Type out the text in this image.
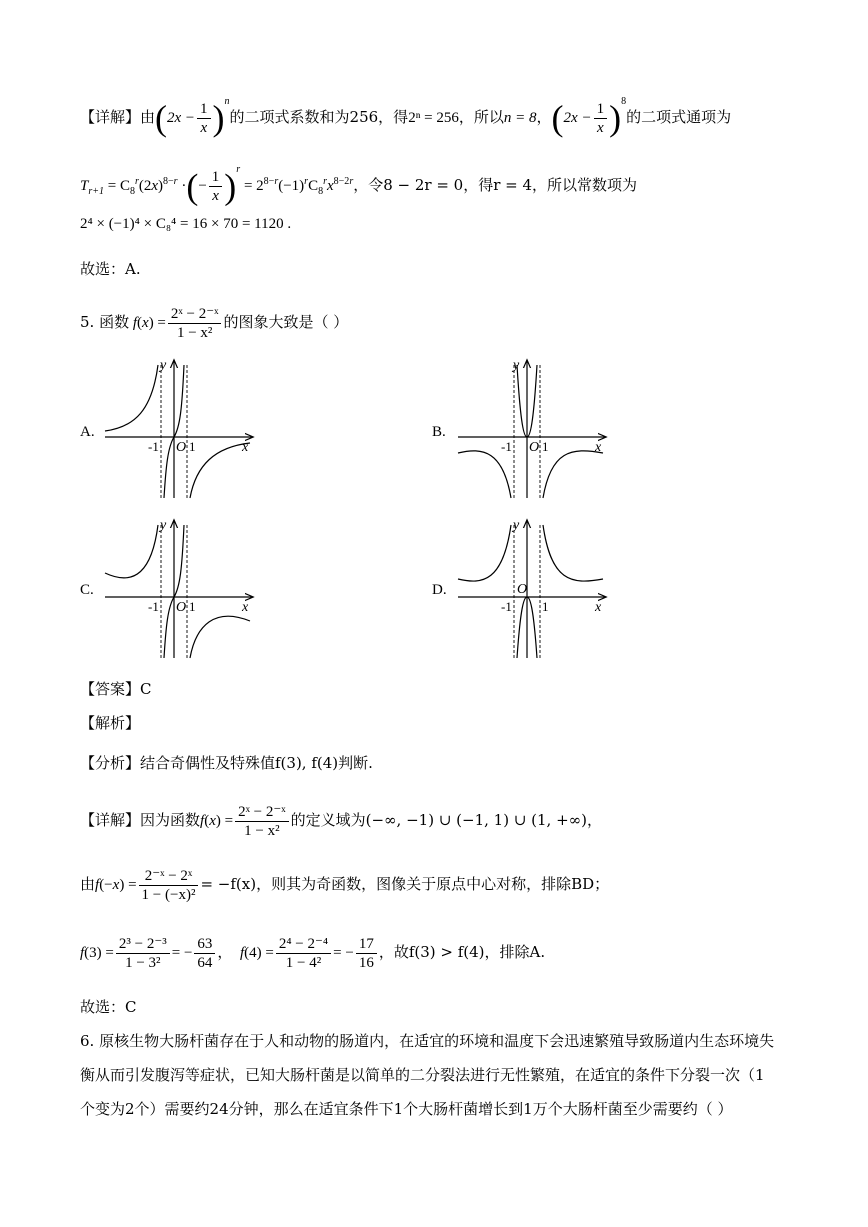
【详解】由$(2x - \frac{1}{x} )^n$的二项式系数和为256，得2ⁿ = 256，所以n = 8，$(2x - \frac{1}{x} )^8$的二项式通项为
$T_{r+1} = C_8^r(2x)^{8-r}$ ·(− $\frac{1}{x} )^r = 2^{8-r}(-1)^rC_8^rx^{8-2r}$，令8 − 2r = 0，得r = 4，所以常数项为
2⁴ × (−1)⁴ × C₈⁴ = 16 × 70 = 1120 .
故选：A.
5. 函数 $f(x) = \frac{\text{2ˣ − 2⁻ˣ}}{\text{1 − x²}}$ 的图象大致是（ ）
A.	B.
C.	D.
-1 O 1	x
y
-1 O 1	x
y
-1 O 1	x
y
-1
O
1	x
y
【答案】C
【解析】
【分析】结合奇偶性及特殊值f(3), f(4)判断.
【详解】因为函数$f(x) = \frac{\text{2ˣ − 2⁻ˣ}}{\text{1 − x²}}$ 的定义域为(−∞, −1) ∪ (−1, 1) ∪ (1, +∞)，
由$f(-x) = \frac{\text{2⁻ˣ − 2ˣ}}{\text{1 − (−x)²}} = -f(x)$，则其为奇函数，图像关于原点中心对称，排除BD；
$f(3) = \frac{\text{2³ − 2⁻³}}{\text{1 − 3²}}$ = − $\frac{63}{64}$ ，  $f(4) = \frac{\text{2⁴ − 2⁻⁴}}{\text{1 − 4²}}$ = − $\frac{17}{16}$ ，故f(3) > f(4)，排除A.
故选：C
6. 原核生物大肠杆菌存在于人和动物的肠道内，在适宜的环境和温度下会迅速繁殖导致肠道内生态环境失
衡从而引发腹泻等症状，已知大肠杆菌是以简单的二分裂法进行无性繁殖，在适宜的条件下分裂一次（1
个变为2个）需要约24分钟，那么在适宜条件下1个大肠杆菌增长到1万个大肠杆菌至少需要约（ ）
